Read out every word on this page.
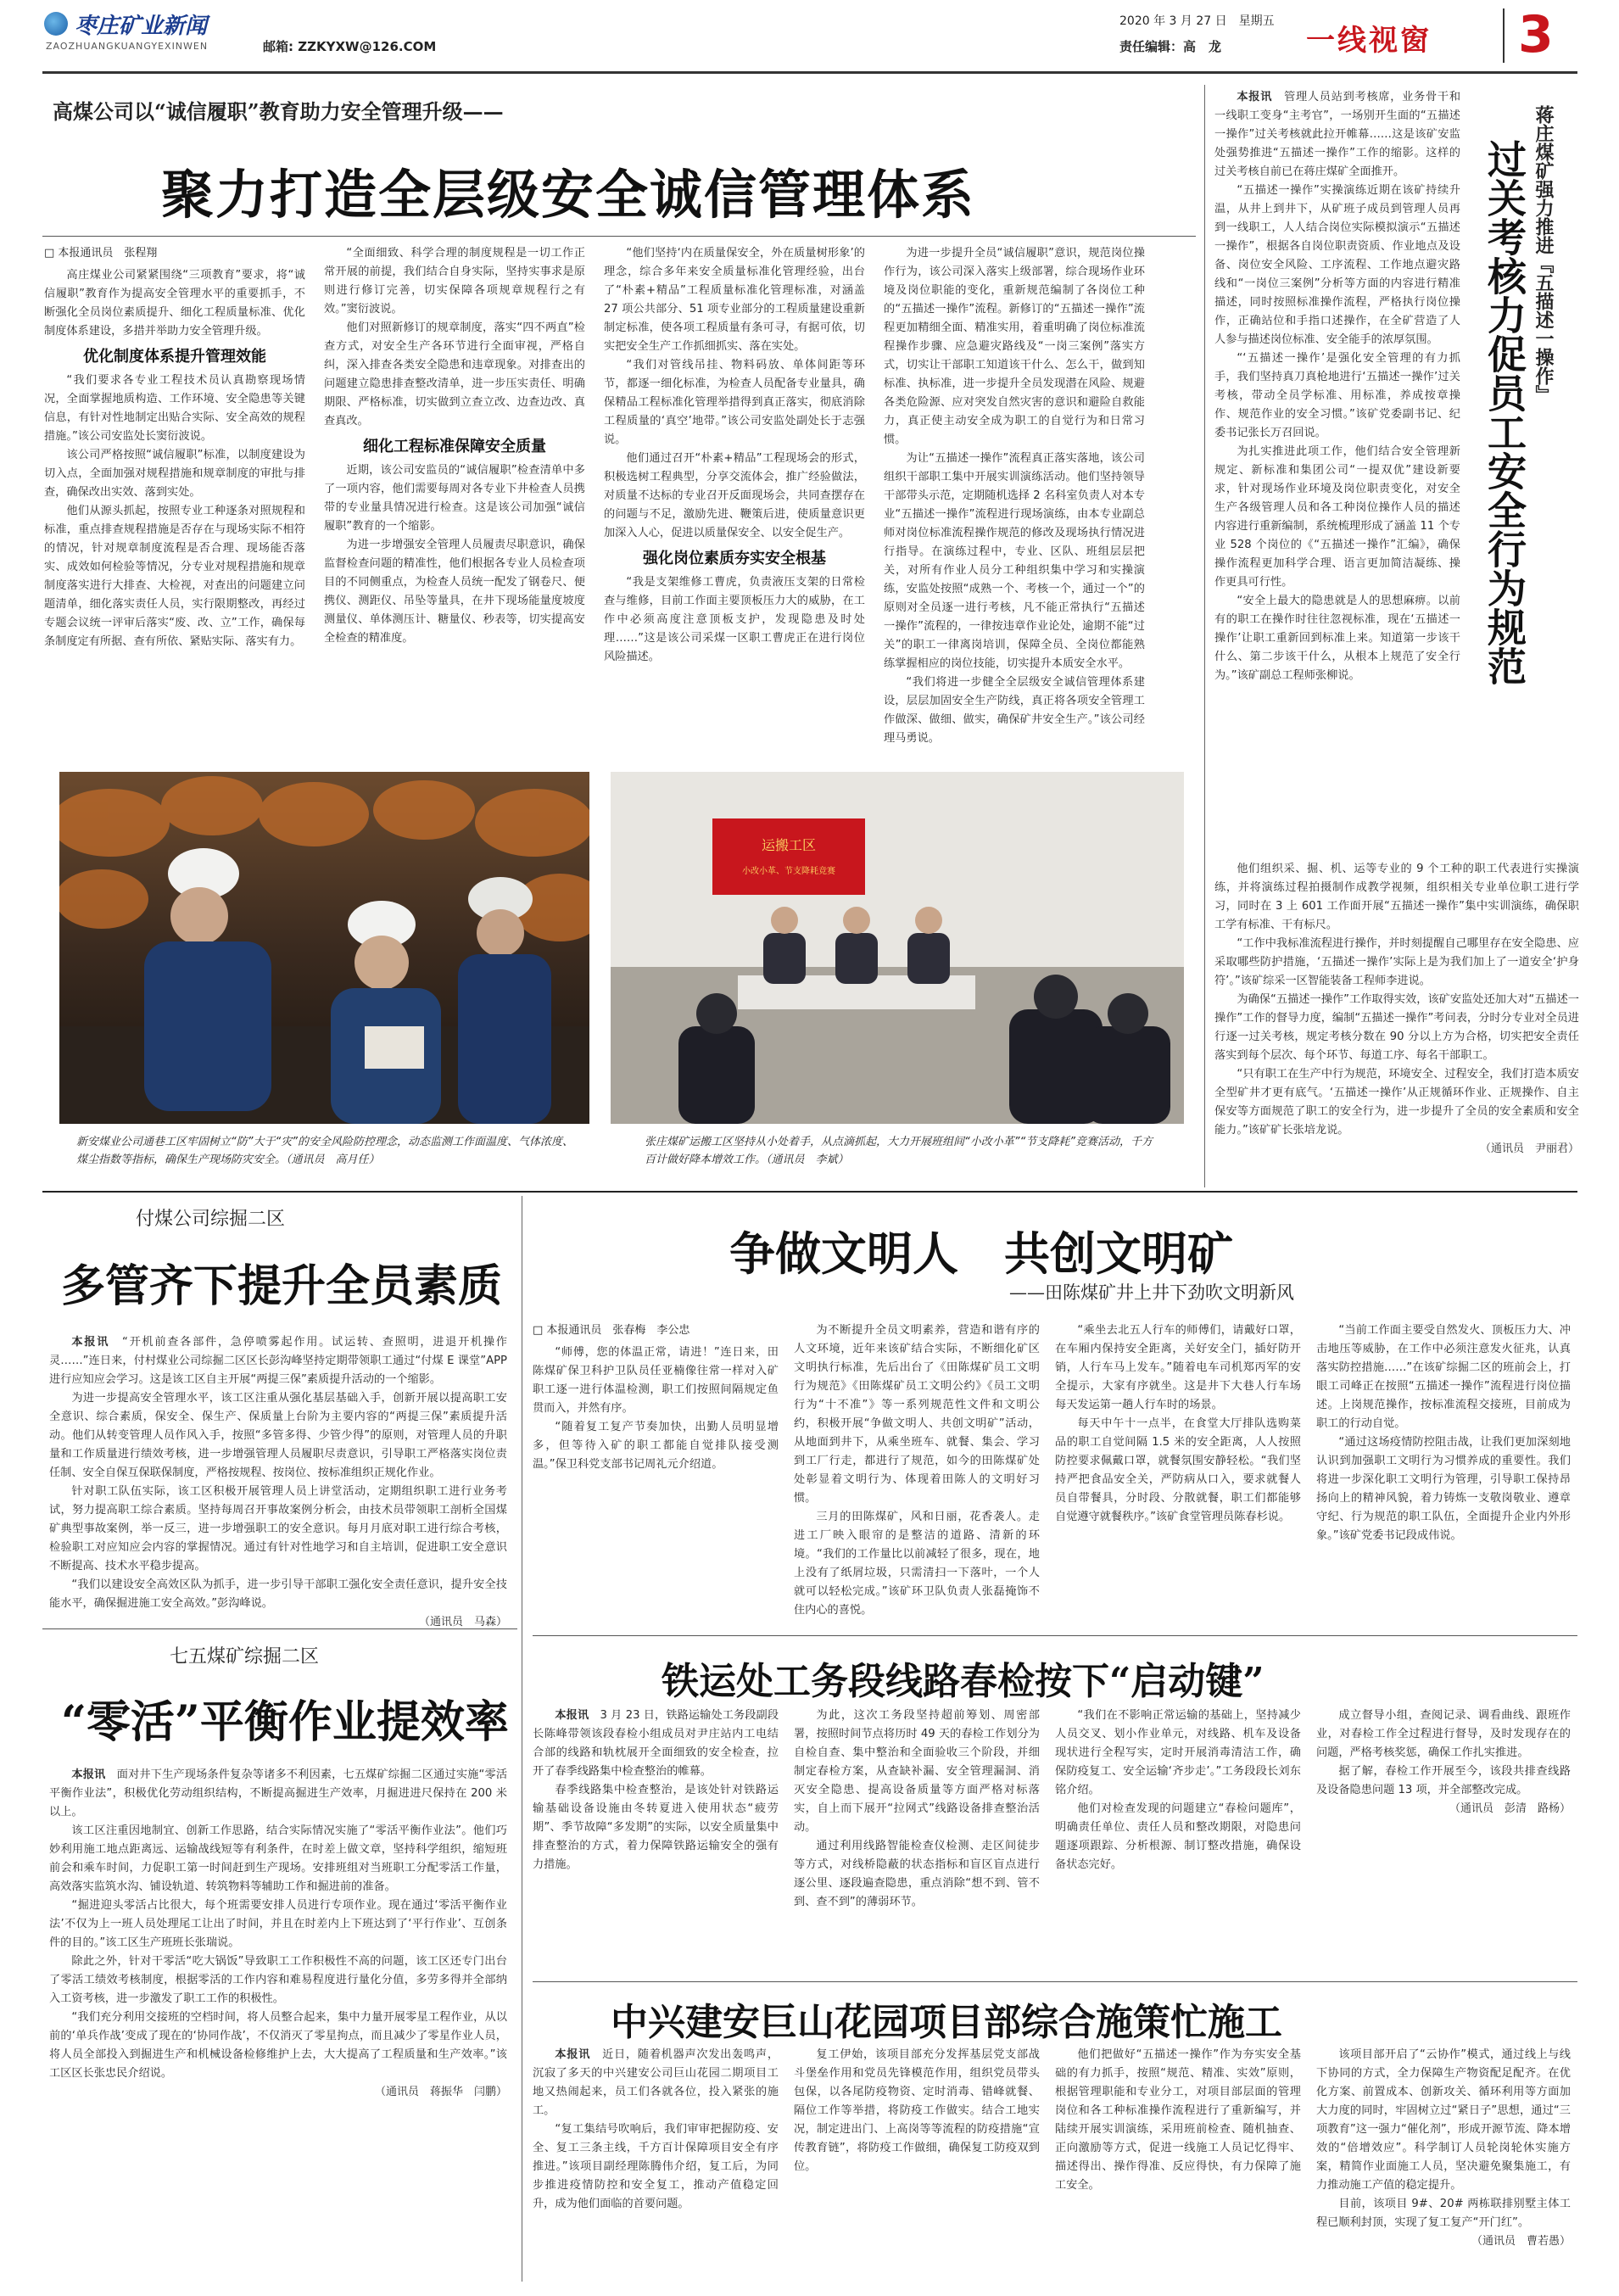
枣庄矿业新闻
ZAOZHUANGKUANGYEXINWEN	邮箱: ZZKYXW@126.COM
2020 年 3 月 27 日　星期五
责任编辑：高　龙	一线视窗 3
高煤公司以“诚信履职”教育助力安全管理升级——
聚力打造全层级安全诚信管理体系
□ 本报通讯员　张程翔

高庄煤业公司紧紧围绕“三项教育”要求，将“诚信履职”教育作为提高安全管理水平的重要抓手，不断强化全员岗位素质提升、细化工程质量标准、优化制度体系建设，多措并举助力安全管理升级。

优化制度体系提升管理效能

“我们要求各专业工程技术员认真勘察现场情况，全面掌握地质构造、工作环境、安全隐患等关键信息，有针对性地制定出贴合实际、安全高效的规程措施。”该公司安监处长窦衍波说。

该公司严格按照“诚信履职”标准，以制度建设为切入点，全面加强对规程措施和规章制度的审批与排查，确保改出实效、落到实处。

他们从源头抓起，按照专业工种逐条对照规程和标准，重点排查规程措施是否存在与现场实际不相符的情况，针对规章制度流程是否合理、现场能否落实、成效如何检验等情况，分专业对规程措施和规章制度落实进行大排查、大检视，对查出的问题建立问题清单，细化落实责任人员，实行限期整改，再经过专题会议统一评审后落实“废、改、立”工作，确保每条制度定有所据、查有所依、紧贴实际、落实有力。

“全面细致、科学合理的制度规程是一切工作正常开展的前提，我们结合自身实际，坚持实事求是原则进行修订完善，切实保障各项规章规程行之有效。”窦衍波说。

他们对照新修订的规章制度，落实“四不两直”检查方式，对安全生产各环节进行全面审视，严格自纠，深入排查各类安全隐患和违章现象。对排查出的问题建立隐患排查整改清单，进一步压实责任、明确期限、严格标准，切实做到立查立改、边查边改、真查真改。

细化工程标准保障安全质量

近期，该公司安监员的“诚信履职”检查清单中多了一项内容，他们需要每周对各专业下井检查人员携带的专业量具情况进行检查。这是该公司加强“诚信履职”教育的一个缩影。

为进一步增强安全管理人员履责尽职意识，确保监督检查问题的精准性，他们根据各专业人员检查项目的不同侧重点，为检查人员统一配发了钢卷尺、便携仪、测距仪、吊坠等量具，在井下现场能量度坡度测量仪、单体测压计、糖量仪、秒表等，切实提高安全检查的精准度。

“他们坚持‘内在质量保安全，外在质量树形象’的理念，综合多年来安全质量标准化管理经验，出台了“朴素+精品”工程质量标准化管理标准，对涵盖 27 项公共部分、51 项专业部分的工程质量建设重新制定标准，使各项工程质量有条可寻，有据可依，切实把安全生产工作抓细抓实、落在实处。

“我们对管线吊挂、物料码放、单体间距等环节，都逐一细化标准，为检查人员配备专业量具，确保精品工程标准化管理举措得到真正落实，彻底消除工程质量的‘真空’地带。”该公司安监处副处长于志强说。

他们通过召开“朴素+精品”工程现场会的形式，积极选树工程典型，分享交流体会，推广经验做法，对质量不达标的专业召开反面现场会，共同查摆存在的问题与不足，激励先进、鞭策后进，使质量意识更加深入人心，促进以质量保安全、以安全促生产。

强化岗位素质夯实安全根基

“我是支架维修工曹虎，负责液压支架的日常检查与维修，目前工作面主要顶板压力大的威胁，在工作中必须高度注意顶板支护，发现隐患及时处理……”这是该公司采煤一区职工曹虎正在进行岗位风险描述。

为进一步提升全员“诚信履职”意识，规范岗位操作行为，该公司深入落实上级部署，综合现场作业环境及岗位职能的变化，重新规范编制了各岗位工种的“五描述一操作”流程。新修订的“五描述一操作”流程更加精细全面、精准实用，着重明确了岗位标准流程操作步骤、应急避灾路线及“一岗三案例”落实方式，切实让干部职工知道该干什么、怎么干，做到知标准、执标准，进一步提升全员发现潜在风险、规避各类危险源、应对突发自然灾害的意识和避险自救能力，真正使主动安全成为职工的自觉行为和日常习惯。

为让“五描述一操作”流程真正落实落地，该公司组织干部职工集中开展实训演练活动。他们坚持领导干部带头示范，定期随机选择 2 名科室负责人对本专业“五描述一操作”流程进行现场演练，由本专业副总师对岗位标准流程操作规范的修改及现场执行情况进行指导。在演练过程中，专业、区队、班组层层把关，对所有作业人员分工种组织集中学习和实操演练，安监处按照“成熟一个、考核一个，通过一个”的原则对全员逐一进行考核，凡不能正常执行“五描述一操作”流程的，一律按违章作业论处，逾期不能“过关”的职工一律离岗培训，保障全员、全岗位都能熟练掌握相应的岗位技能，切实提升本质安全水平。

“我们将进一步健全全层级安全诚信管理体系建设，层层加固安全生产防线，真正将各项安全管理工作做深、做细、做实，确保矿井安全生产。”该公司经理马勇说。

本报讯　 管理人员站到考核席，业务骨干和一线职工变身“主考官”，一场别开生面的“五描述一操作”过关考核就此拉开帷幕……这是该矿安监处强势推进“五描述一操作”工作的缩影。这样的过关考核自前已在蒋庄煤矿全面推开。

“五描述一操作”实操演练近期在该矿持续升温，从井上到井下，从矿班子成员到管理人员再到一线职工，人人结合岗位实际模拟演示“五描述一操作”，根据各自岗位职责资质、作业地点及设备、岗位安全风险、工序流程、工作地点避灾路线和“一岗位三案例”分析等方面的内容进行精准描述，同时按照标准操作流程，严格执行岗位操作，正确站位和手指口述操作，在全矿营造了人人参与描述岗位标准、安全能手的浓厚氛围。

“‘五描述一操作’是强化安全管理的有力抓手，我们坚持真刀真枪地进行‘五描述一操作’过关考核，带动全员学标准、用标准，养成按章操作、规范作业的安全习惯。”该矿党委副书记、纪委书记张长万召回说。

为扎实推进此项工作，他们结合安全管理新规定、新标准和集团公司“一提双优”建设新要求，针对现场作业环境及岗位职责变化，对安全生产各级管理人员和各工种岗位操作人员的描述内容进行重新编制，系统梳理形成了涵盖 11 个专业 528 个岗位的《“五描述一操作”汇编》，确保操作流程更加科学合理、语言更加简洁凝练、操作更具可行性。

“安全上最大的隐患就是人的思想麻痹。以前有的职工在操作时往往忽视标准，现在‘五描述一操作’让职工重新回到标准上来。知道第一步该干什么、第二步该干什么，从根本上规范了安全行为。”该矿副总工程师张柳说。

蒋庄煤矿强力推进『五描述一操作』
过关考核力促员工安全行为规范

他们组织采、掘、机、运等专业的 9 个工种的职工代表进行实操演练，并将演练过程拍摄制作成教学视频，组织相关专业单位职工进行学习，同时在 3 上 601 工作面开展“五描述一操作”集中实训演练，确保职工学有标准、干有标尺。

“工作中我标准流程进行操作，并时刻提醒自己哪里存在安全隐患、应采取哪些防护措施，‘五描述一操作’实际上是为我们加上了一道安全‘护身符’。”该矿综采一区智能装备工程师李进说。

为确保“五描述一操作”工作取得实效，该矿安监处还加大对“五描述一操作”工作的督导力度，编制“五描述一操作”考问表，分时分专业对全员进行逐一过关考核，规定考核分数在 90 分以上方为合格，切实把安全责任落实到每个层次、每个环节、每道工序、每名干部职工。

“只有职工在生产中行为规范，环境安全、过程安全，我们打造本质安全型矿井才更有底气。‘五描述一操作’从正规循环作业、正规操作、自主保安等方面规范了职工的安全行为，进一步提升了全员的安全素质和安全能力。”该矿矿长张培龙说。

（通讯员　尹丽君）
运搬工区
小改小革、节支降耗竞赛
新安煤业公司通巷工区牢固树立“防”大于“灾”的安全风险防控理念，动态监测工作面温度、气体浓度、煤尘指数等指标，确保生产现场防灾安全。（通讯员　高月任）
张庄煤矿运搬工区坚持从小处着手，从点滴抓起，大力开展班组间“小改小革”“节支降耗”竞赛活动，千方百计做好降本增效工作。（通讯员　李斌）
付煤公司综掘二区
多管齐下提升全员素质

本报讯　 “开机前查各部件，急停喷雾起作用。试运转、查照明，进退开机操作灵……”连日来，付村煤业公司综掘二区区长彭沟峰坚持定期带领职工通过“付煤 E 课堂”APP 进行应知应会学习。这是该工区自主开展“两提三保”素质提升活动的一个缩影。

为进一步提高安全管理水平，该工区注重从强化基层基础入手，创新开展以提高职工安全意识、综合素质，保安全、保生产、保质量上台阶为主要内容的“两提三保”素质提升活动。他们从转变管理人员作风入手，按照“多管多得、少管少得”的原则，对管理人员的升职量和工作质量进行绩效考核，进一步增强管理人员履职尽责意识，引导职工严格落实岗位责任制、安全自保互保联保制度，严格按规程、按岗位、按标准组织正规化作业。

针对职工队伍实际，该工区积极开展管理人员上讲堂活动，定期组织职工进行业务考试，努力提高职工综合素质。坚持每周召开事故案例分析会，由技术员带领职工剖析全国煤矿典型事故案例，举一反三，进一步增强职工的安全意识。每月月底对职工进行综合考核，检验职工对应知应会内容的掌握情况。通过有针对性地学习和自主培训，促进职工安全意识不断提高、技术水平稳步提高。

“我们以建设安全高效区队为抓手，进一步引导干部职工强化安全责任意识，提升安全技能水平，确保掘进施工安全高效。”彭沟峰说。

（通讯员　马森）
七五煤矿综掘二区
“零活”平衡作业提效率

本报讯　 面对井下生产现场条件复杂等诸多不利因素，七五煤矿综掘二区通过实施“零活平衡作业法”，积极优化劳动组织结构，不断提高掘进生产效率，月掘进进尺保持在 200 米以上。

该工区注重因地制宜、创新工作思路，结合实际情况实施了“零活平衡作业法”。他们巧妙利用施工地点距离远、运输战线短等有利条件，在时差上做文章，坚持科学组织，缩短班前会和乘车时间，力促职工第一时间赶到生产现场。安排班组对当班职工分配零活工作量，高效落实监筑水沟、铺设轨道、转筑物料等辅助工作和掘进前的准备。

“掘进迎头零活占比很大，每个班需要安排人员进行专项作业。现在通过‘零活平衡作业法’不仅为上一班人员处理尾工让出了时间，并且在时差内上下班达到了‘平行作业’、互创条件的目的。”该工区生产班班长张瑞说。

除此之外，针对干零活“吃大锅饭”导致职工工作积极性不高的问题，该工区还专门出台了零活工绩效考核制度，根据零活的工作内容和难易程度进行量化分值，多劳多得并全部纳入工资考核，进一步激发了职工工作的积极性。

“我们充分利用交接班的空档时间，将人员整合起来，集中力量开展零星工程作业，从以前的‘单兵作战’变成了现在的‘协同作战’，不仅消灭了零星拘点，而且减少了零星作业人员，将人员全部投入到掘进生产和机械设备检修维护上去，大大提高了工程质量和生产效率。”该工区区长张忠民介绍说。

（通讯员　蒋振华　闫鹏）
争做文明人　共创文明矿
——田陈煤矿井上井下劲吹文明新风
□ 本报通讯员　张春梅　李公忠

“师傅，您的体温正常，请进！”连日来，田陈煤矿保卫科护卫队员任亚楠像往常一样对入矿职工逐一进行体温检测，职工们按照间隔规定鱼贯而入，并然有序。

“随着复工复产节奏加快，出勤人员明显增多，但等待入矿的职工都能自觉排队接受测温。”保卫科党支部书记周礼元介绍道。

为不断提升全员文明素养，营造和谐有序的人文环境，近年来该矿结合实际，不断细化矿区文明执行标准，先后出台了《田陈煤矿员工文明行为规范》《田陈煤矿员工文明公约》《员工文明行为“十不准”》等一系列规范性文件和文明公约，积极开展“争做文明人、共创文明矿”活动，从地面到井下，从乘坐班车、就餐、集会、学习到工厂行走，都进行了规范，如今的田陈煤矿处处彰显着文明行为、体现着田陈人的文明好习惯。

三月的田陈煤矿，风和日丽，花香袭人。走进工厂映入眼帘的是整洁的道路、清新的环境。“我们的工作量比以前减轻了很多，现在，地上没有了纸屑垃圾，只需清扫一下落叶，一个人就可以轻松完成。”该矿环卫队负责人张磊掩饰不住内心的喜悦。

“乘坐去北五人行车的师傅们，请戴好口罩，在车厢内保持安全距离，关好安全门，插好防开销，人行车马上发车。”随着电车司机郑丙军的安全提示，大家有序就坐。这是井下大巷人行车场每天发运第一趟人行车时的场景。

每天中午十一点半，在食堂大厅排队选购菜品的职工自觉间隔 1.5 米的安全距离，人人按照防控要求佩戴口罩，就餐氛围安静轻松。“我们坚持严把食品安全关，严防病从口入，要求就餐人员自带餐具，分时段、分散就餐，职工们都能够自觉遵守就餐秩序。”该矿食堂管理员陈春杉说。

“当前工作面主要受自然发火、顶板压力大、冲击地压等威胁，在工作中必须注意发火征兆，认真落实防控措施……”在该矿综掘二区的班前会上，打眼工司峰正在按照“五描述一操作”流程进行岗位描述。上岗规范操作，按标准流程交接班，目前成为职工的行动自觉。

“通过这场疫情防控阻击战，让我们更加深刻地认识到加强职工文明行为习惯养成的重要性。我们将进一步深化职工文明行为管理，引导职工保持昂扬向上的精神风貌，着力铸炼一支敬岗敬业、遵章守纪、行为规范的职工队伍，全面提升企业内外形象。”该矿党委书记段成伟说。

铁运处工务段线路春检按下“启动键”

本报讯　 3 月 23 日，铁路运输处工务段副段长陈峰带领该段春检小组成员对尹庄站内工电结合部的线路和轨枕展开全面细致的安全检查，拉开了春季线路集中检查整治的帷幕。

春季线路集中检查整治，是该处针对铁路运输基础设备设施由冬转夏进入使用状态“疲劳期”、季节故障“多发期”的实际，以安全质量集中排查整治的方式，着力保障铁路运输安全的强有力措施。

为此，这次工务段坚持超前筹划、周密部署，按照时间节点将历时 49 天的春检工作划分为自检自查、集中整治和全面验收三个阶段，并细制定春检方案，从查缺补漏、安全管理漏洞、消灭安全隐患、提高设备质量等方面严格对标落实，自上而下展开“拉网式”线路设备排查整治活动。

通过利用线路智能检查仪检测、走区间徒步等方式，对线桥隐蔽的状态指标和盲区盲点进行逐公里、逐段遍查隐患，重点消除“想不到、管不到、查不到”的薄弱环节。

“我们在不影响正常运输的基础上，坚持减少人员交叉、划小作业单元，对线路、机车及设备现状进行全程写实，定时开展消毒清洁工作，确保防疫复工、安全运输‘齐步走’。”工务段段长刘东铭介绍。

他们对检查发现的问题建立“春检问题库”，明确责任单位、责任人员和整改期限，对隐患问题逐项跟踪、分析根源、制订整改措施，确保设备状态完好。

成立督导小组，查阅记录、调看曲线、跟班作业，对春检工作全过程进行督导，及时发现存在的问题，严格考核奖惩，确保工作扎实推进。

据了解，春检工作开展至今，该段共排查线路及设备隐患问题 13 项，并全部整改完成。

（通讯员　彭清　路杨）
中兴建安巨山花园项目部综合施策忙施工

本报讯　 近日，随着机器声次发出轰鸣声，沉寂了多天的中兴建安公司巨山花园二期项目工地又热闹起来，员工们各就各位，投入紧张的施工。

“复工集结号吹响后，我们审审把握防疫、安全、复工三条主线，千方百计保障项目安全有序推进。”该项目副经理陈腾伟介绍，复工后，为同步推进疫情防控和安全复工，推动产值稳定回升，成为他们面临的首要问题。

复工伊始，该项目部充分发挥基层党支部战斗堡垒作用和党员先锋模范作用，组织党员带头包保，以各尾防疫物资、定时消毒、错峰就餐、隔位工作等举措，将防疫工作做实。结合工地实况，制定进出门、上高岗等等流程的防疫措施“宣传教育链”，将防疫工作做细，确保复工防疫双到位。

他们把做好“五描述一操作”作为夯实安全基础的有力抓手，按照“规范、精准、实效”原则，根据管理职能和专业分工，对项目部层面的管理岗位和各工种标准操作流程进行了重新编写，并陆续开展实训演练，采用班前检查、随机抽查、正向激励等方式，促进一线施工人员记忆得牢、描述得出、操作得准、反应得快，有力保障了施工安全。

该项目部开启了“云协作”模式，通过线上与线下协同的方式，全力保障生产物资配足配齐。在优化方案、前置成本、创新攻关、循环利用等方面加大力度的同时，牢固树立过“紧日子”思想，通过“三项教育”这一强力“催化剂”，形成开源节流、降本增效的“倍增效应”。科学制订人员轮岗轮休实施方案，精简作业面施工人员，坚决避免聚集施工，有力推动施工产值的稳定提升。

目前，该项目 9#、20# 两栋联排别墅主体工程已顺利封顶，实现了复工复产“开门红”。

（通讯员　曹若愚）
